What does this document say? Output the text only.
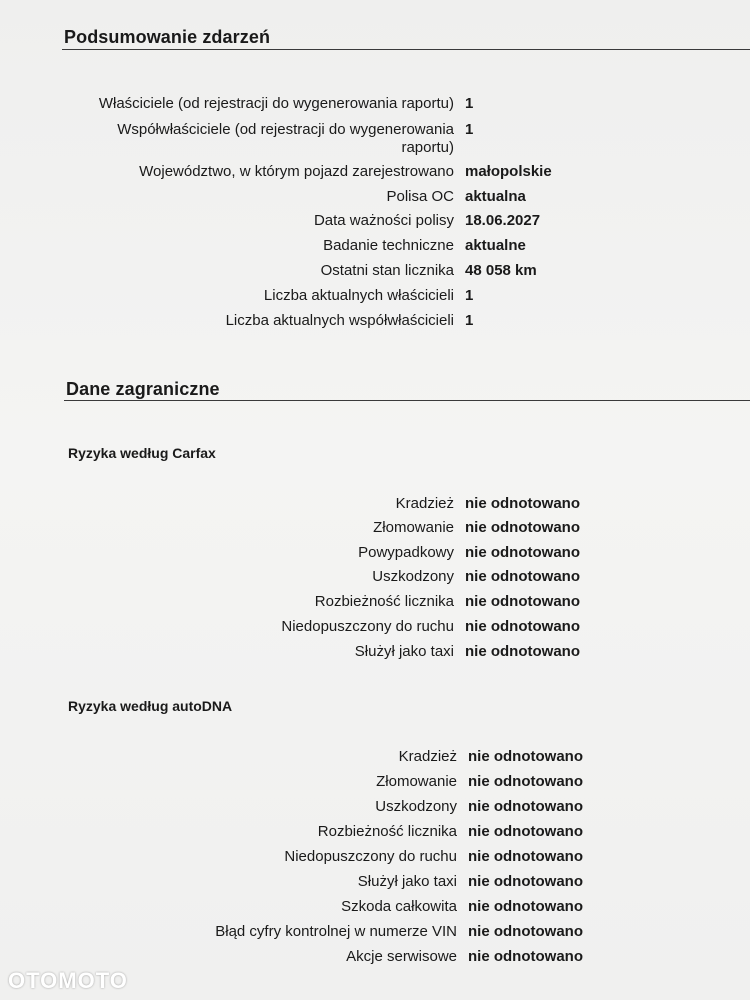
Podsumowanie zdarzeń
Właściciele (od rejestracji do wygenerowania raportu) 1
Współwłaściciele (od rejestracji do wygenerowania raportu)
1
Województwo, w którym pojazd zarejestrowano małopolskie
Polisa OC aktualna
Data ważności polisy 18.06.2027
Badanie techniczne aktualne
Ostatni stan licznika 48 058 km
Liczba aktualnych właścicieli 1
Liczba aktualnych współwłaścicieli 1
Dane zagraniczne
Ryzyka według Carfax
Kradzież nie odnotowano
Złomowanie nie odnotowano
Powypadkowy nie odnotowano
Uszkodzony nie odnotowano
Rozbieżność licznika nie odnotowano
Niedopuszczony do ruchu nie odnotowano
Służył jako taxi nie odnotowano
Ryzyka według autoDNA
Kradzież nie odnotowano
Złomowanie nie odnotowano
Uszkodzony nie odnotowano
Rozbieżność licznika nie odnotowano
Niedopuszczony do ruchu nie odnotowano
Służył jako taxi nie odnotowano
Szkoda całkowita nie odnotowano
Błąd cyfry kontrolnej w numerze VIN nie odnotowano
Akcje serwisowe nie odnotowano
OTOMOTO
